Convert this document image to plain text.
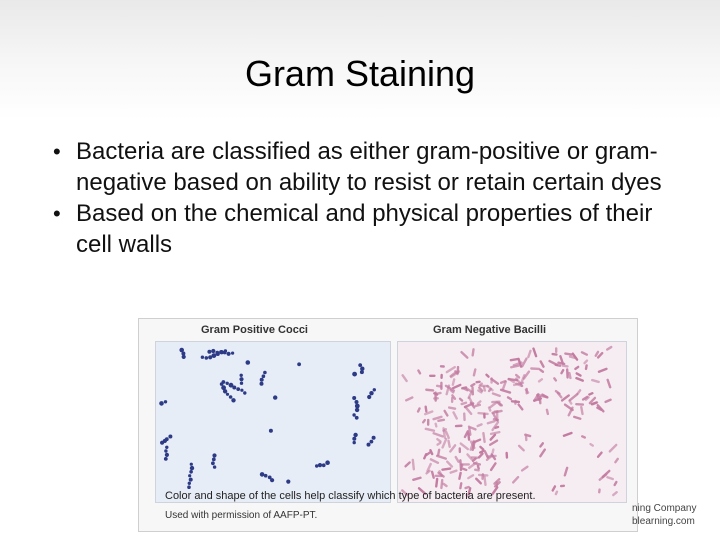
Gram Staining
• Bacteria are classified as either gram-positive or gram-negative based on ability to resist or retain certain dyes
• Based on the chemical and physical properties of their cell walls
Gram Positive Cocci	Gram Negative Bacilli
Color and shape of the cells help classify which type of bacteria are present.
Used with permission of AAFP-PT.
ning Company
blearning.com
